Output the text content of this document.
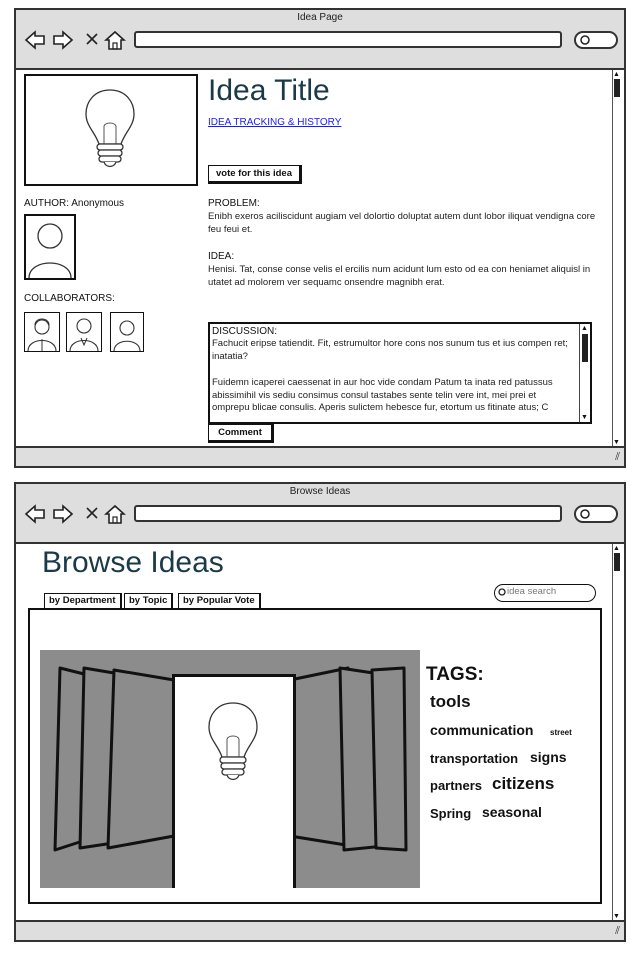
Idea Page
AUTHOR: Anonymous
COLLABORATORS:
Idea Title
IDEA TRACKING & HISTORY
vote for this idea
PROBLEM:
Enibh exeros aciliscidunt augiam vel dolortio doluptat autem dunt lobor iliquat vendigna core feu feui et.
IDEA:
Henisi. Tat, conse conse velis el ercilis num acidunt lum esto od ea con heniamet aliquisl in utatet ad molorem ver sequamc onsendre magnibh erat.
DISCUSSION:
Fachucit eripse tatiendit. Fit, estrumultor hore cons nos sunum tus et ius compen ret; inatatia?
Fuidemn icaperei caessenat in aur hoc vide condam Patum ta inata red patussus abissimihil vis sediu consimus consul tastabes sente telin vere int, mei prei et omprepu blicae consulis. Aperis sulictem hebesce fur, etortum us fitinate atus; C
▲
▼
Comment
▲
▼
⫽
Browse Ideas
Browse Ideas
idea search
by Department	by Topic	by Popular Vote
IDEA TITLE
TAGS:
tools
communication street
transportation signs
partners citizens
Spring seasonal
▲
▼
⫽
